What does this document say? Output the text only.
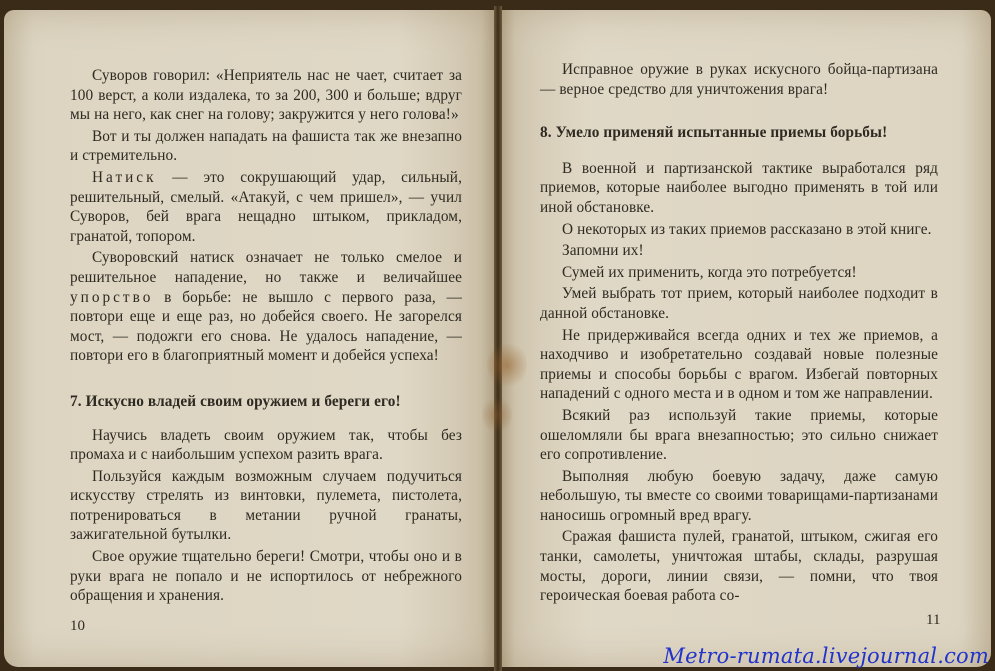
Суворов говорил: «Неприятель нас не чает, считает за 100 верст, а коли издалека, то за 200, 300 и больше; вдруг мы на него, как снег на голову; закружится у него голова!»

Вот и ты должен нападать на фашиста так же внезапно и стремительно.

Натиск — это сокрушающий удар, сильный, решительный, смелый. «Атакуй, с чем пришел», — учил Суворов, бей врага нещадно штыком, прикладом, гранатой, топором.

Суворовский натиск означает не только смелое и решительное нападение, но также и величайшее упорство в борьбе: не вышло с первого раза, — повтори еще и еще раз, но добейся своего. Не загорелся мост, — подожги его снова. Не удалось нападение, — повтори его в благоприятный момент и добейся успеха!

7. Искусно владей своим оружием и береги его!

Научись владеть своим оружием так, чтобы без промаха и с наибольшим успехом разить врага.

Пользуйся каждым возможным случаем подучиться искусству стрелять из винтовки, пулемета, пистолета, потренироваться в метании ручной гранаты, зажигательной бутылки.

Свое оружие тщательно береги! Смотри, чтобы оно и в руки врага не попало и не испортилось от небрежного обращения и хранения.

10

Исправное оружие в руках искусного бойца-партизана — верное средство для уничтожения врага!

8. Умело применяй испытанные приемы борьбы!

В военной и партизанской тактике выработался ряд приемов, которые наиболее выгодно применять в той или иной обстановке.

О некоторых из таких приемов рассказано в этой книге.

Запомни их!

Сумей их применить, когда это потребуется!

Умей выбрать тот прием, который наиболее подходит в данной обстановке.

Не придерживайся всегда одних и тех же приемов, а находчиво и изобретательно создавай новые полезные приемы и способы борьбы с врагом. Избегай повторных нападений с одного места и в одном и том же направлении.

Всякий раз используй такие приемы, которые ошеломляли бы врага внезапностью; это сильно снижает его сопротивление.

Выполняя любую боевую задачу, даже самую небольшую, ты вместе со своими товарищами-партизанами наносишь огромный вред врагу.

Сражая фашиста пулей, гранатой, штыком, сжигая его танки, самолеты, уничтожая штабы, склады, разрушая мосты, дороги, линии связи, — помни, что твоя героическая боевая работа со-

11
Metro-rumata.livejournal.com
